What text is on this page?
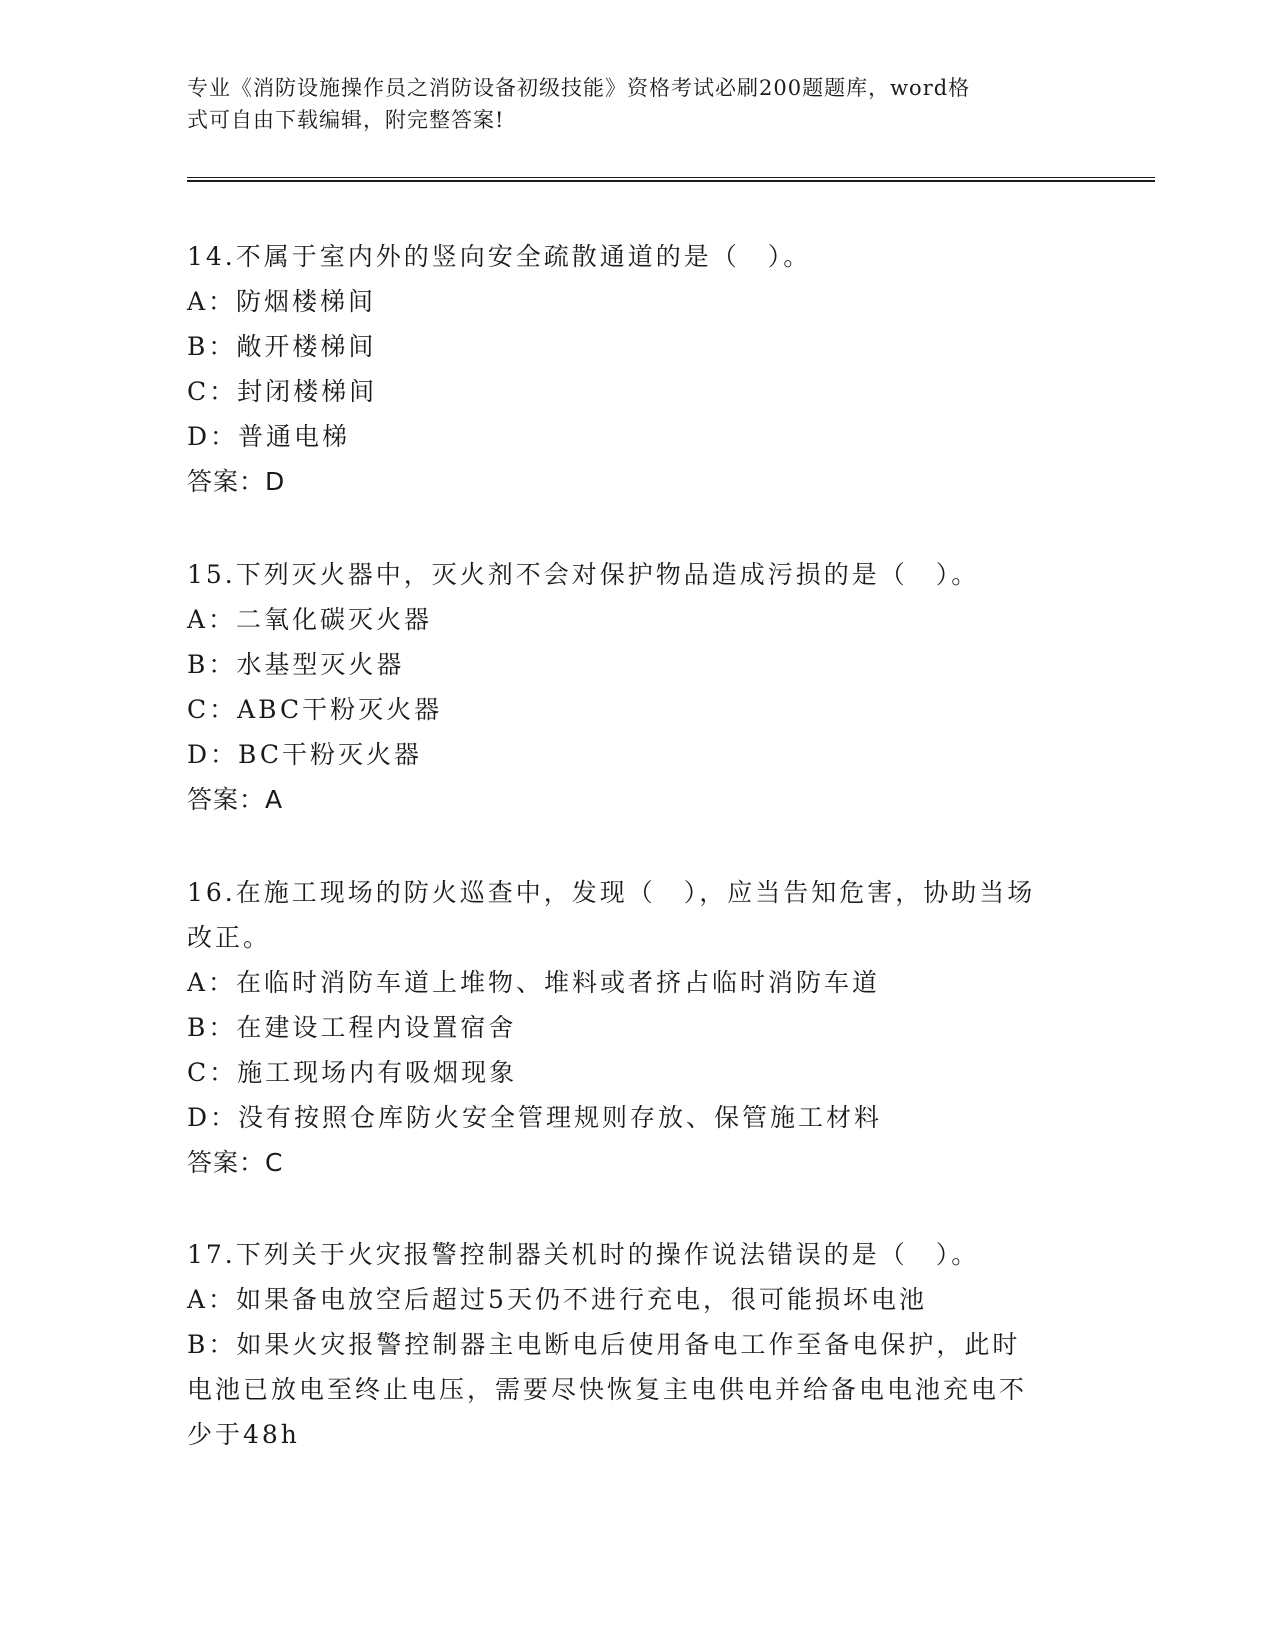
专业《消防设施操作员之消防设备初级技能》资格考试必刷200题题库，word格
式可自由下载编辑，附完整答案!
14.不属于室内外的竖向安全疏散通道的是（　）。
A：防烟楼梯间
B：敞开楼梯间
C：封闭楼梯间
D：普通电梯
答案：D
15.下列灭火器中，灭火剂不会对保护物品造成污损的是（　）。
A：二氧化碳灭火器
B：水基型灭火器
C：ABC干粉灭火器
D：BC干粉灭火器
答案：A
16.在施工现场的防火巡查中，发现（　），应当告知危害，协助当场改正。
A：在临时消防车道上堆物、堆料或者挤占临时消防车道
B：在建设工程内设置宿舍
C：施工现场内有吸烟现象
D：没有按照仓库防火安全管理规则存放、保管施工材料
答案：C
17.下列关于火灾报警控制器关机时的操作说法错误的是（　）。
A：如果备电放空后超过5天仍不进行充电，很可能损坏电池
B：如果火灾报警控制器主电断电后使用备电工作至备电保护，此时电池已放电至终止电压，需要尽快恢复主电供电并给备电电池充电不少于48h
